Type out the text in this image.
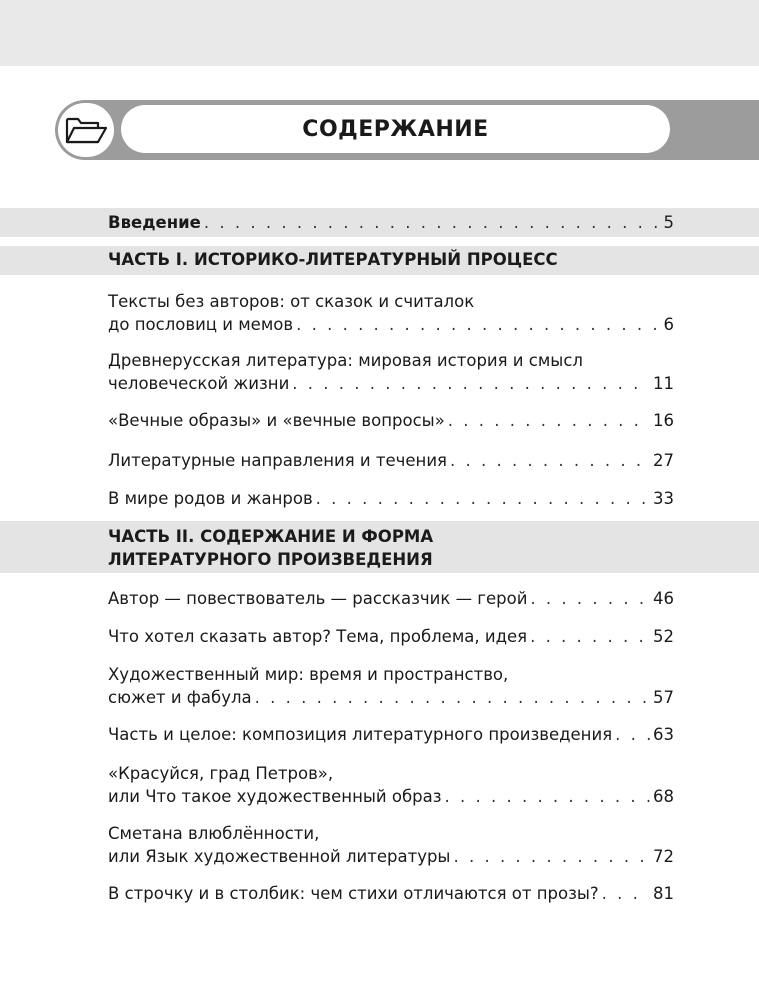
СОДЕРЖАНИЕ
Введение . . .	5
ЧАСТЬ I. ИСТОРИКО-ЛИТЕРАТУРНЫЙ ПРОЦЕСС
Тексты без авторов: от сказок и считалок
до пословиц и мемов . . .	6
Древнерусская литература: мировая история и смысл
человеческой жизни . . .	11
«Вечные образы» и «вечные вопросы» . . .	16
Литературные направления и течения . . .	27
В мире родов и жанров . . .	33
ЧАСТЬ II. СОДЕРЖАНИЕ И ФОРМА
ЛИТЕРАТУРНОГО ПРОИЗВЕДЕНИЯ
Автор — повествователь — рассказчик — герой . . .	46
Что хотел сказать автор? Тема, проблема, идея . . .	52
Художественный мир: время и пространство,
сюжет и фабула . . .	57
Часть и целое: композиция литературного произведения . . . 63
«Красуйся, град Петров»,
или Что такое художественный образ . . .	68
Сметана влюблённости,
или Язык художественной литературы . . .	72
В строчку и в столбик: чем стихи отличаются от прозы? . . .	81
